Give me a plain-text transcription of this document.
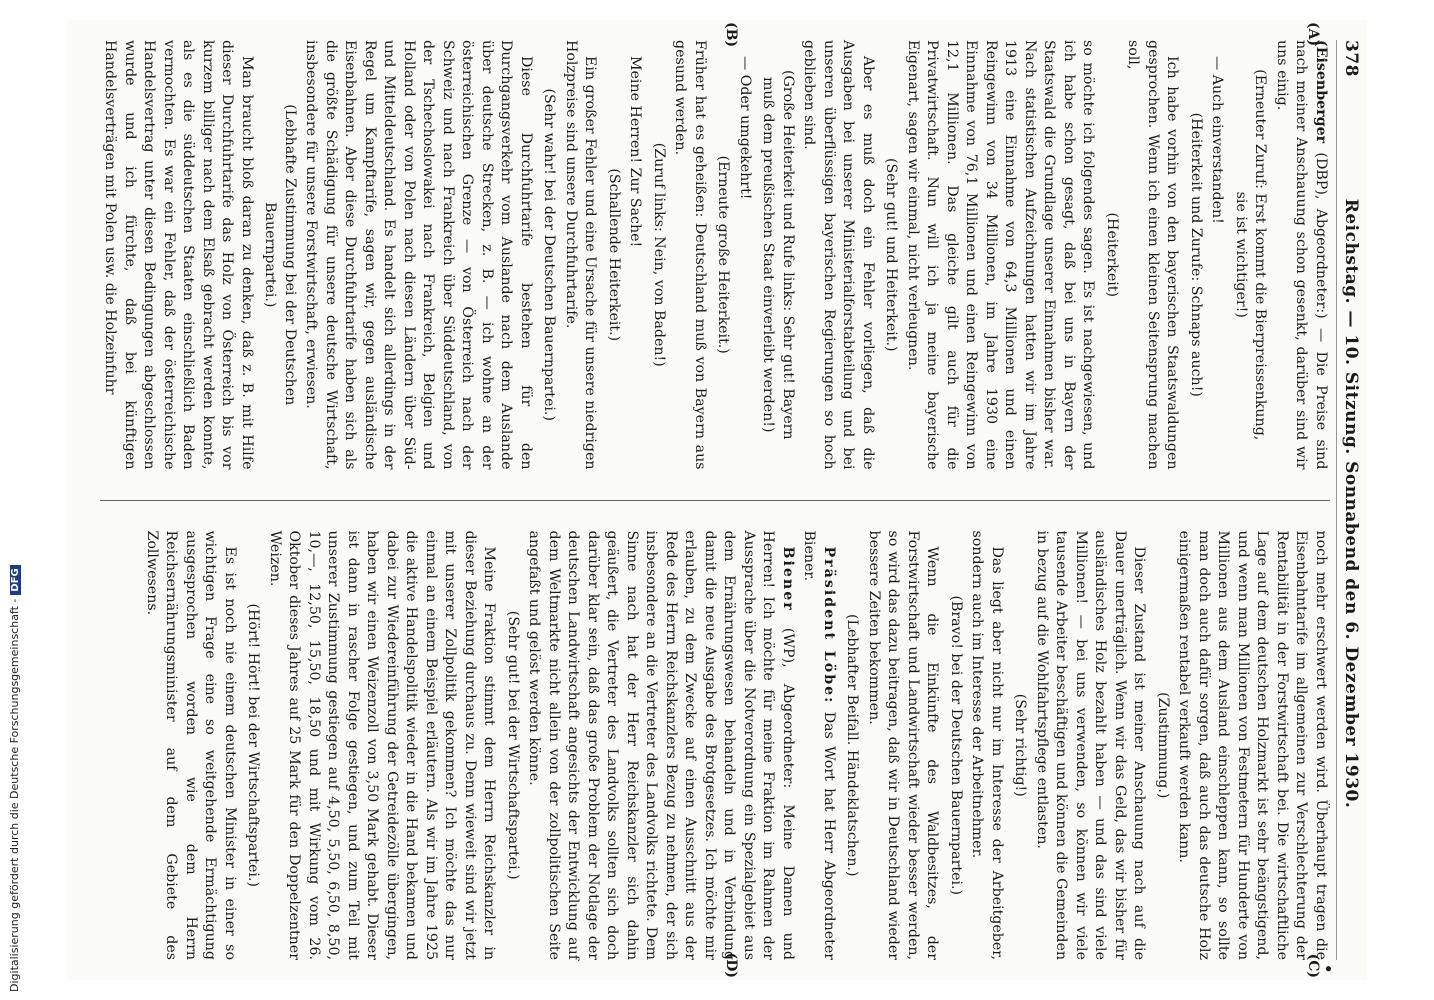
378
Reichstag. — 10. Sitzung. Sonnabend den 6. Dezember 1930.
(A)
(B)

(Eisenberger (DBP), Abgeordneter:) — Die Preise sind nach meiner Anschauung schon gesenkt, darüber sind wir uns einig.

(Erneuter Zuruf: Erst kommt die Bierpreissenkung, sie ist wichtiger!)

— Auch einverstanden!

(Heiterkeit und Zurufe: Schnaps auch!)

Ich habe vorhin von den bayerischen Staatswaldungen gesprochen. Wenn ich einen kleinen Seitensprung machen soll,

(Heiterkeit)

so möchte ich folgendes sagen. Es ist nachgewiesen, und ich habe schon gesagt, daß bei uns in Bayern der Staatswald die Grundlage unserer Einnahmen bisher war. Nach statistischen Aufzeichnungen hatten wir im Jahre 1913 eine Einnahme von 64,3 Millionen und einen Reingewinn von 34 Millionen, im Jahre 1930 eine Einnahme von 76,1 Millionen und einen Reingewinn von 12,1 Millionen. Das gleiche gilt auch für die Privatwirtschaft. Nun will ich ja meine bayerische Eigenart, sagen wir einmal, nicht verleugnen.

(Sehr gut! und Heiterkeit.)

Aber es muß doch ein Fehler vorliegen, daß die Ausgaben bei unserer Ministerialforstabteilung und bei unseren überflüssigen bayerischen Regierungen so hoch geblieben sind.

(Große Heiterkeit und Rufe links: Sehr gut! Bayern muß dem preußischen Staat einverleibt werden!)

— Oder umgekehrt!

(Erneute große Heiterkeit.)

Früher hat es geheißen: Deutschland muß von Bayern aus gesund werden.

(Zuruf links: Nein, von Baden!)

Meine Herren! Zur Sache!

(Schallende Heiterkeit.)

Ein großer Fehler und eine Ursache für unsere niedrigen Holzpreise sind unsere Durchfuhrtarife.

(Sehr wahr! bei der Deutschen Bauernpartei.)

Diese Durchfuhrtarife bestehen für den Durchgangsverkehr vom Auslande nach dem Auslande über deutsche Strecken, z. B. — ich wohne an der österreichischen Grenze — von Österreich nach der Schweiz und nach Frankreich über Süddeutschland, von der Tschechoslowakei nach Frankreich, Belgien und Holland oder von Polen nach diesen Ländern über Süd- und Mitteldeutschland. Es handelt sich allerdings in der Regel um Kampftarife, sagen wir, gegen ausländische Eisenbahnen. Aber diese Durchfuhrtarife haben sich als die größte Schädigung für unsere deutsche Wirtschaft, insbesondere für unsere Forstwirtschaft, erwiesen.

(Lebhafte Zustimmung bei der Deutschen Bauernpartei.)

Man braucht bloß daran zu denken, daß z. B. mit Hilfe dieser Durchfuhrtarife das Holz von Österreich bis vor kurzem billiger nach dem Elsaß gebracht werden konnte, als es die süddeutschen Staaten einschließlich Baden vermochten. Es war ein Fehler, daß der österreichische Handelsvertrag unter diesen Bedingungen abgeschlossen wurde und ich fürchte, daß bei künftigen Handelsverträgen mit Polen usw. die Holzeinfuhr

(C)
(D)	•

noch mehr erschwert werden wird. Überhaupt tragen die Eisenbahntarife im allgemeinen zur Verschlechterung der Rentabilität in der Forstwirtschaft bei. Die wirtschaftliche Lage auf dem deutschen Holzmarkt ist sehr beängstigend, und wenn man Millionen von Festmetern für Hunderte von Millionen aus dem Ausland einschleppen kann, so sollte man doch auch dafür sorgen, daß auch das deutsche Holz einigermaßen rentabel verkauft werden kann.

(Zustimmung.)

Dieser Zustand ist meiner Anschauung nach auf die Dauer unerträglich. Wenn wir das Geld, das wir bisher für ausländisches Holz bezahlt haben — und das sind viele Millionen! — bei uns verwenden, so können wir viele tausende Arbeiter beschäftigen und können die Gemeinden in bezug auf die Wohlfahrtspflege entlasten.

(Sehr richtig!)

Das liegt aber nicht nur im Interesse der Arbeitgeber, sondern auch im Interesse der Arbeitnehmer.

(Bravo! bei der Deutschen Bauernpartei.)

Wenn die Einkünfte des Waldbesitzes, der Forstwirtschaft und Landwirtschaft wieder besser werden, so wird das dazu beitragen, daß wir in Deutschland wieder bessere Zeiten bekommen.

(Lebhafter Beifall. Händeklatschen.)

Präsident Löbe: Das Wort hat Herr Abgeordneter Biener.

Biener (WP), Abgeordneter: Meine Damen und Herren! Ich möchte für meine Fraktion im Rahmen der Aussprache über die Notverordnung ein Spezialgebiet aus dem Ernährungswesen behandeln und in Verbindung damit die neue Ausgabe des Brotgesetzes. Ich möchte mir erlauben, zu dem Zwecke auf einen Ausschnitt aus der Rede des Herrn Reichskanzlers Bezug zu nehmen, der sich insbesondere an die Vertreter des Landvolks richtete. Dem Sinne nach hat der Herr Reichskanzler sich dahin geäußert, die Vertreter des Landvolks sollten sich doch darüber klar sein, daß das große Problem der Notlage der deutschen Landwirtschaft angesichts der Entwicklung auf dem Weltmarkte nicht allein von der zollpolitischen Seite angefaßt und gelöst werden könne.

(Sehr gut! bei der Wirtschaftspartei.)

Meine Fraktion stimmt dem Herrn Reichskanzler in dieser Beziehung durchaus zu. Denn wieweit sind wir jetzt mit unserer Zollpolitik gekommen? Ich möchte das nur einmal an einem Beispiel erläutern. Als wir im Jahre 1925 die aktive Handelspolitik wieder in die Hand bekamen und dabei zur Wiedereinführung der Getreidezölle übergingen, haben wir einen Weizenzoll von 3,50 Mark gehabt. Dieser ist dann in rascher Folge gestiegen, und zum Teil mit unserer Zustimmung gestiegen auf 4,50, 5,50, 6,50, 8,50, 10,—, 12,50, 15,50, 18,50 und mit Wirkung vom 26. Oktober dieses Jahres auf 25 Mark für den Doppelzentner Weizen.

(Hört! Hört! bei der Wirtschaftspartei.)

Es ist noch nie einem deutschen Minister in einer so wichtigen Frage eine so weitgehende Ermächtigung ausgesprochen worden wie dem Herrn Reichsernährungsminister auf dem Gebiete des Zollwesens.

Digitalisierung gefördert durch die Deutsche Forschungsgemeinschaft -DFG
